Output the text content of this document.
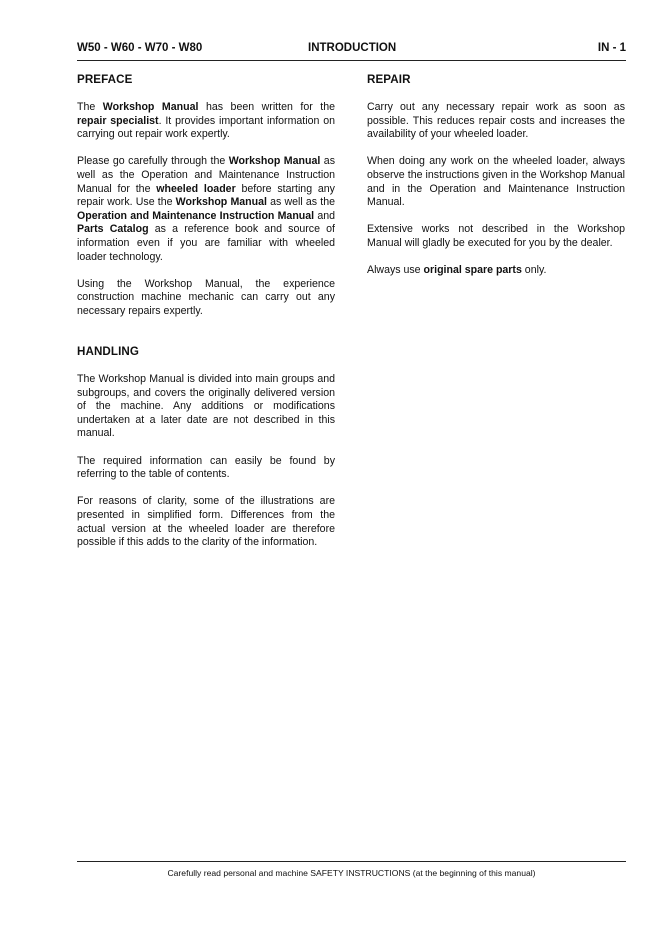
W50 - W60 - W70 - W80	INTRODUCTION	IN - 1
PREFACE

The Workshop Manual has been written for the repair specialist. It provides important information on carrying out repair work expertly.

Please go carefully through the Workshop Manual as well as the Operation and Maintenance Instruction Manual for the wheeled loader before starting any repair work. Use the Workshop Manual as well as the Operation and Maintenance Instruction Manual and Parts Catalog as a reference book and source of information even if you are familiar with wheeled loader technology.

Using the Workshop Manual, the experience construction machine mechanic can carry out any necessary repairs expertly.

HANDLING

The Workshop Manual is divided into main groups and subgroups, and covers the originally delivered version of the machine. Any additions or modifications undertaken at a later date are not described in this manual.

The required information can easily be found by referring to the table of contents.

For reasons of clarity, some of the illustrations are presented in simplified form. Differences from the actual version at the wheeled loader are therefore possible if this adds to the clarity of the information.

REPAIR

Carry out any necessary repair work as soon as possible. This reduces repair costs and increases the availability of your wheeled loader.

When doing any work on the wheeled loader, always observe the instructions given in the Workshop Manual and in the Operation and Maintenance Instruction Manual.

Extensive works not described in the Workshop Manual will gladly be executed for you by the dealer.

Always use original spare parts only.

Carefully read personal and machine SAFETY INSTRUCTIONS (at the beginning of this manual)
